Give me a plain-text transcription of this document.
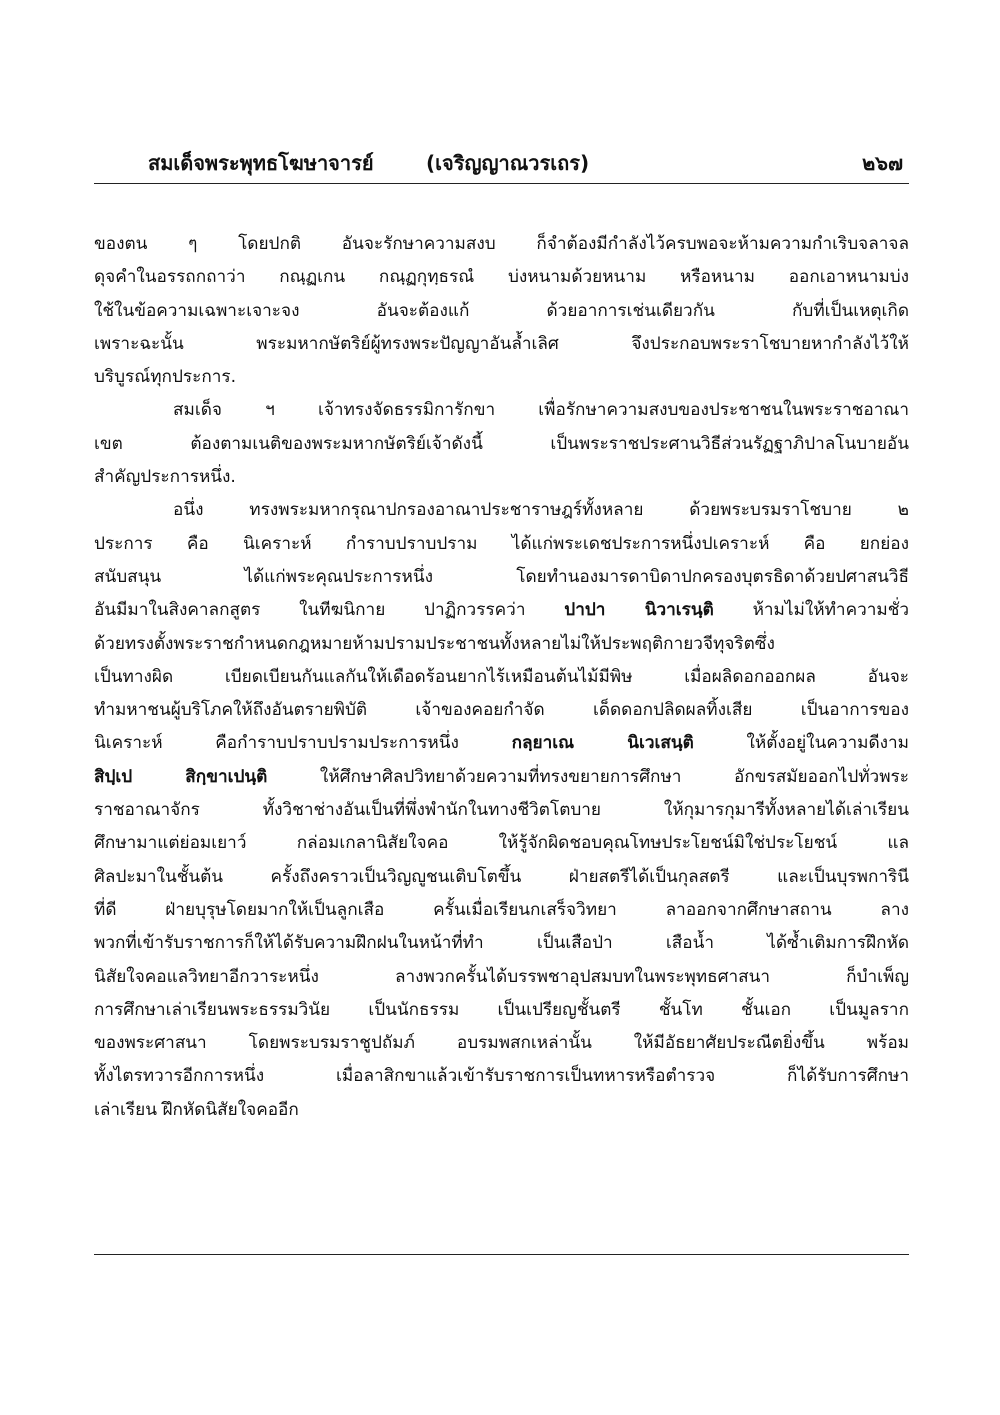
สมเด็จพระพุทธโฆษาจารย์	(เจริญญาณวรเถร)	๒๖๗
ของตน ๆ โดยปกติ อันจะรักษาความสงบ ก็จำต้องมีกำลังไว้ครบพอจะห้ามความกำเริบจลาจล
ดุจคำในอรรถกถาว่า กณฺฏเกน กณฺฏกุทฺธรณํ บ่งหนามด้วยหนาม หรือหนาม ออกเอาหนามบ่ง
ใช้ในข้อความเฉพาะเจาะจง อันจะต้องแก้ ด้วยอาการเช่นเดียวกัน กับที่เป็นเหตุเกิด
เพราะฉะนั้น พระมหากษัตริย์ผู้ทรงพระปัญญาอันล้ำเลิศ จึงประกอบพระราโชบายหากำลังไว้ให้
บริบูรณ์ทุกประการ.
สมเด็จ ฯ เจ้าทรงจัดธรรมิการักขา เพื่อรักษาความสงบของประชาชนในพระราชอาณา
เขต ต้องตามเนติของพระมหากษัตริย์เจ้าดังนี้ เป็นพระราชประศานวิธีส่วนรัฏฐาภิปาลโนบายอัน
สำคัญประการหนึ่ง.
อนึ่ง ทรงพระมหากรุณาปกรองอาณาประชาราษฎร์ทั้งหลาย ด้วยพระบรมราโชบาย ๒
ประการ คือ นิเคราะห์ กำราบปราบปราม ได้แก่พระเดชประการหนึ่งปเคราะห์ คือ ยกย่อง
สนับสนุน ได้แก่พระคุณประการหนึ่ง โดยทำนองมารดาบิดาปกครองบุตรธิดาด้วยปศาสนวิธี
อันมีมาในสิงคาลกสูตร ในทีฆนิกาย ปาฏิกวรรคว่า ปาปา นิวาเรนฺติ ห้ามไม่ให้ทำความชั่ว
ด้วยทรงตั้งพระราชกำหนดกฎหมายห้ามปรามประชาชนทั้งหลายไม่ให้ประพฤติกายวจีทุจริตซึ่ง
เป็นทางผิด เบียดเบียนกันแลกันให้เดือดร้อนยากไร้เหมือนต้นไม้มีพิษ เมื่อผลิดอกออกผล อันจะ
ทำมหาชนผู้บริโภคให้ถึงอันตรายพิบัติ เจ้าของคอยกำจัด เด็ดดอกปลิดผลทิ้งเสีย เป็นอาการของ
นิเคราะห์ คือกำราบปราบปรามประการหนึ่ง	กลฺยาเณ นิเวเสนฺติ	ให้ตั้งอยู่ในความดีงาม
สิปฺเป สิกฺขาเปนฺติ	ให้ศึกษาศิลปวิทยาด้วยความที่ทรงขยายการศึกษา อักขรสมัยออกไปทั่วพระ
ราชอาณาจักร ทั้งวิชาช่างอันเป็นที่พึ่งพำนักในทางชีวิตโตบาย ให้กุมารกุมารีทั้งหลายได้เล่าเรียน
ศึกษามาแต่ย่อมเยาว์ กล่อมเกลานิสัยใจคอ ให้รู้จักผิดชอบคุณโทษประโยชน์มิใช่ประโยชน์ แล
ศิลปะมาในชั้นต้น ครั้งถึงคราวเป็นวิญญูชนเติบโตขึ้น ฝ่ายสตรีได้เป็นกุลสตรี และเป็นบุรพการินี
ที่ดี ฝ่ายบุรุษโดยมากให้เป็นลูกเสือ ครั้นเมื่อเรียนกเสร็จวิทยา ลาออกจากศึกษาสถาน ลาง
พวกที่เข้ารับราชการก็ให้ได้รับความฝึกฝนในหน้าที่ทำ เป็นเสือป่า เสือน้ำ ได้ซ้ำเติมการฝึกหัด
นิสัยใจคอแลวิทยาอีกวาระหนึ่ง ลางพวกครั้นได้บรรพชาอุปสมบทในพระพุทธศาสนา ก็บำเพ็ญ
การศึกษาเล่าเรียนพระธรรมวินัย เป็นนักธรรม เป็นเปรียญชั้นตรี ชั้นโท ชั้นเอก เป็นมูลราก
ของพระศาสนา โดยพระบรมราชูปถัมภ์ อบรมพสกเหล่านั้น ให้มีอัธยาศัยประณีตยิ่งขึ้น พร้อม
ทั้งไตรทวารอีกการหนึ่ง เมื่อลาสิกขาแล้วเข้ารับราชการเป็นทหารหรือตำรวจ ก็ได้รับการศึกษา
เล่าเรียน ฝึกหัดนิสัยใจคออีก
